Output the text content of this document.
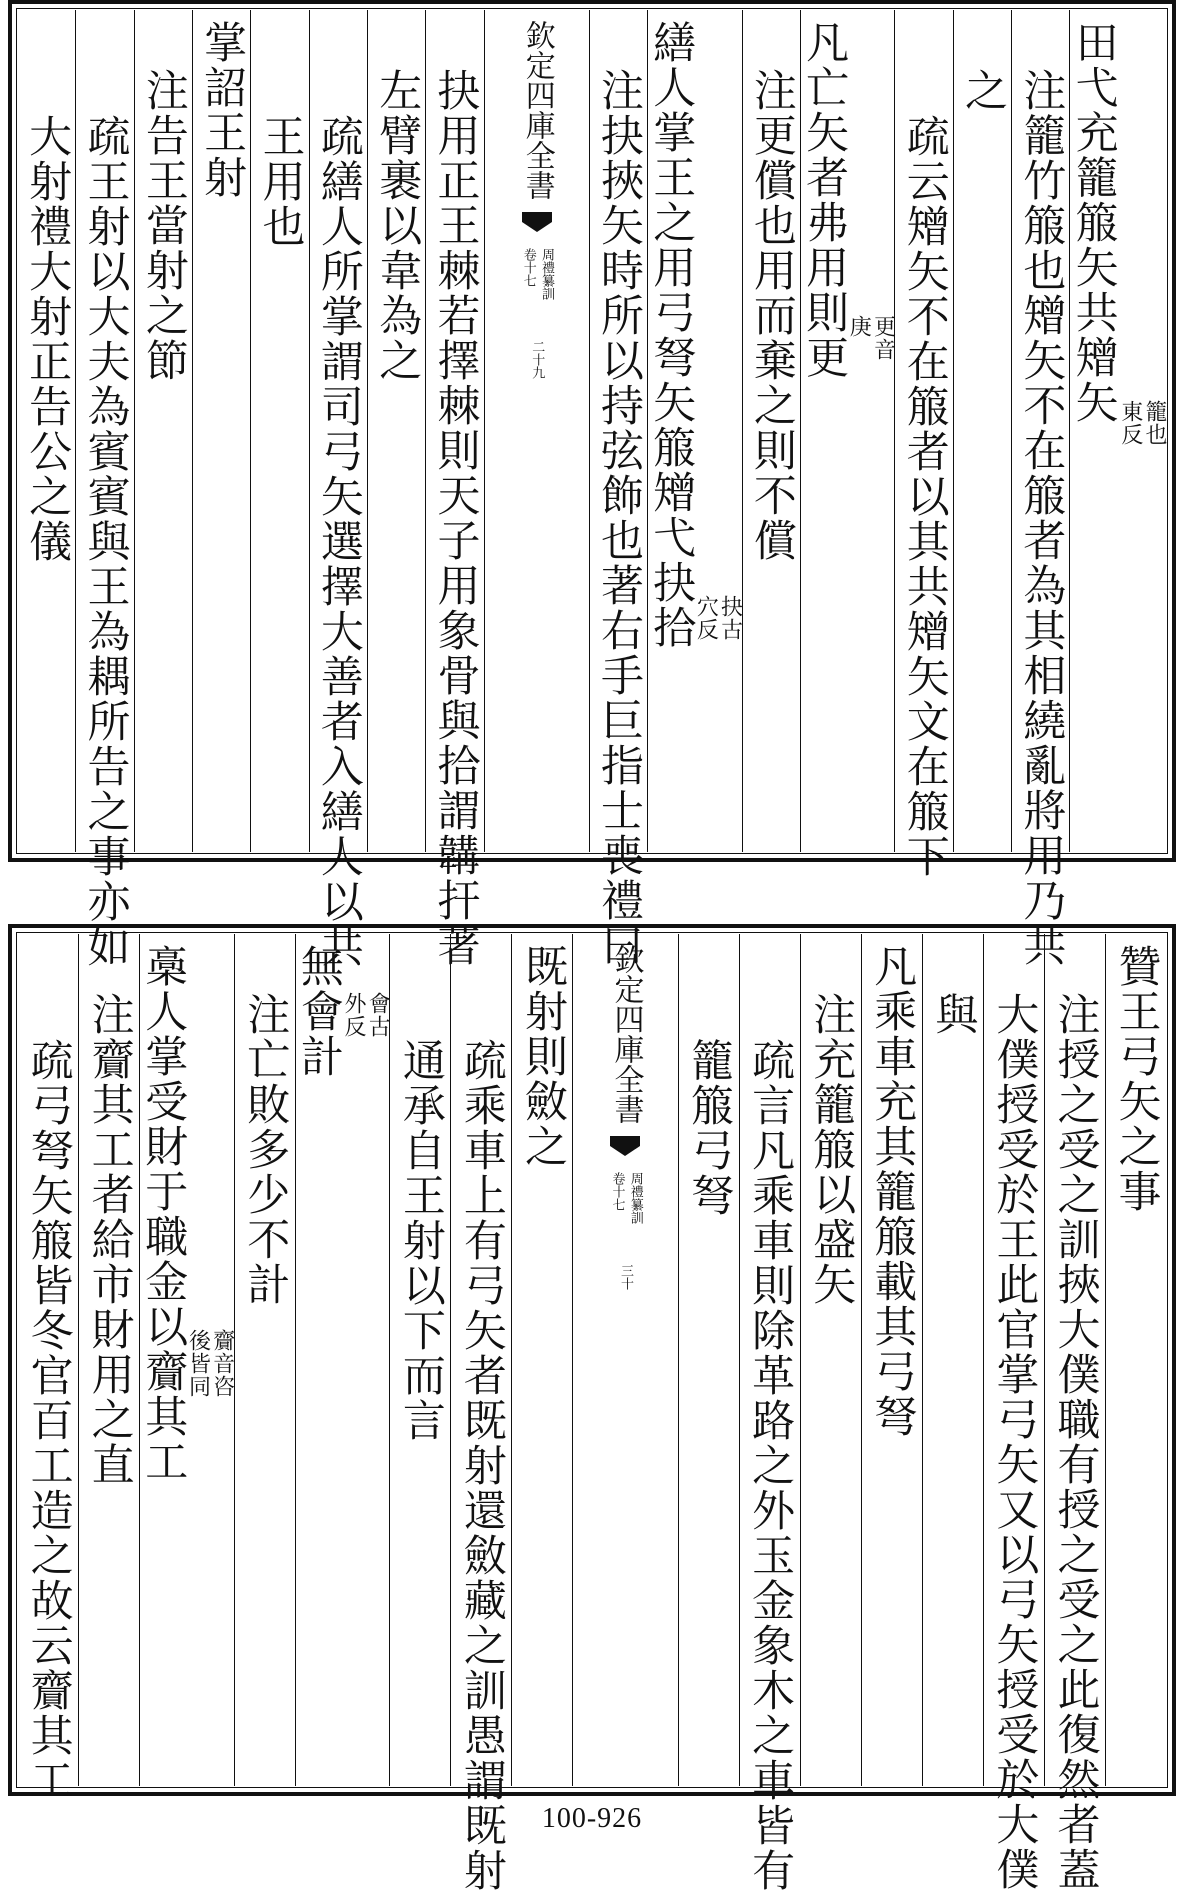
田弋充籠箙矢共矰矢 籠也
東反
注籠竹箙也矰矢不在箙者為其相繞亂將用乃共
之
疏云矰矢不在箙者以其共矰矢文在箙下
凡亡矢者弗用則更 更音
庚
注更償也用而棄之則不償
繕人掌王之用弓弩矢箙矰弋抉拾 抉古
穴反
注抉挾矢時所以持弦飾也著右手巨指士喪禮曰
欽定四庫全書
周禮纂訓
卷十七
二十九
抉用正王棘若擇棘則天子用象骨與拾謂韝扞著
左臂裹以韋為之
疏繕人所掌謂司弓矢選擇大善者入繕人以共
王用也
掌詔王射
注告王當射之節
疏王射以大夫為賓賓與王為耦所告之事亦如
大射禮大射正告公之儀
贊王弓矢之事
注授之受之訓挾大僕職有授之受之此復然者蓋
大僕授受於王此官掌弓矢又以弓矢授受於大僕
與
凡乘車充其籠箙載其弓弩
注充籠箙以盛矢
疏言凡乘車則除革路之外玉金象木之車皆有
籠箙弓弩
欽定四庫全書
周禮纂訓
卷十七
三十
既射則斂之
疏乘車上有弓矢者既射還斂藏之訓愚謂既射
通承自王射以下而言
無會計 會古
外反
注亡敗多少不計
槀人掌受財于職金以齎其工 齎音咨
後皆同
注齎其工者給市財用之直
疏弓弩矢箙皆冬官百工造之故云齎其工
100-926
